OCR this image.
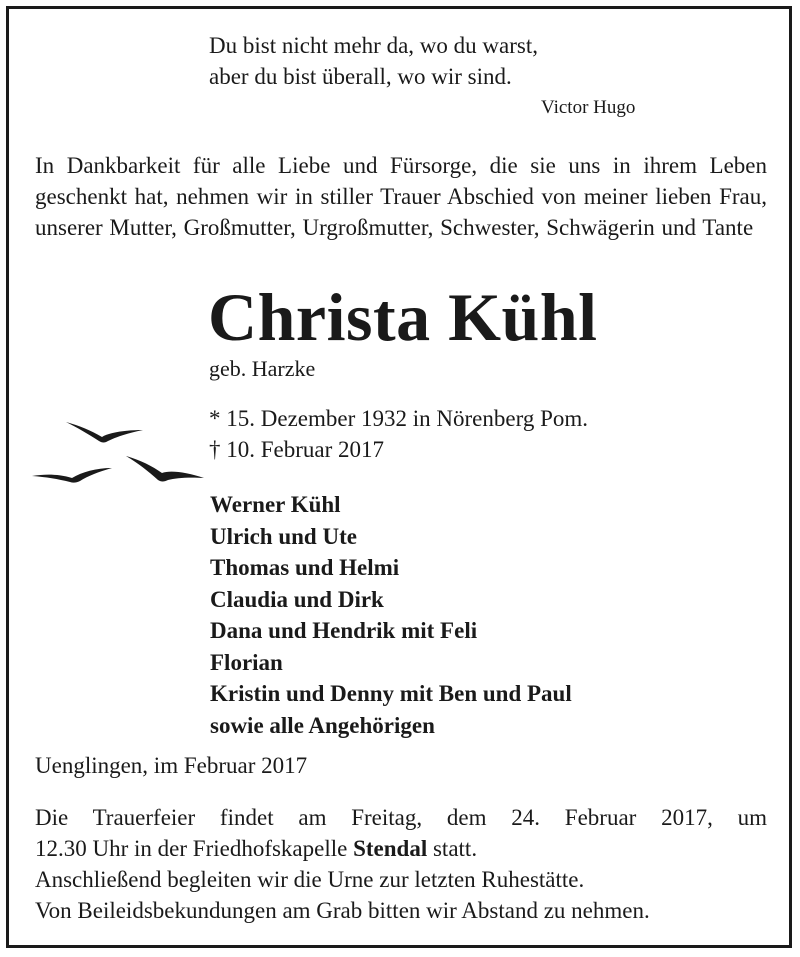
Du bist nicht mehr da, wo du warst,
aber du bist überall, wo wir sind.
Victor Hugo
In Dankbarkeit für alle Liebe und Fürsorge, die sie uns in ihrem Leben geschenkt hat, nehmen wir in stiller Trauer Abschied von meiner lieben Frau, unserer Mutter, Großmutter, Urgroßmutter, Schwester, Schwägerin und Tante
Christa Kühl
geb. Harzke
* 15. Dezember 1932 in Nörenberg Pom.
† 10. Februar 2017
Werner Kühl
Ulrich und Ute
Thomas und Helmi
Claudia und Dirk
Dana und Hendrik mit Feli
Florian
Kristin und Denny mit Ben und Paul
sowie alle Angehörigen
Uenglingen, im Februar 2017
Die Trauerfeier findet am Freitag, dem 24. Februar 2017, um
12.30 Uhr in der Friedhofskapelle Stendal statt.
Anschließend begleiten wir die Urne zur letzten Ruhestätte.
Von Beileidsbekundungen am Grab bitten wir Abstand zu nehmen.
